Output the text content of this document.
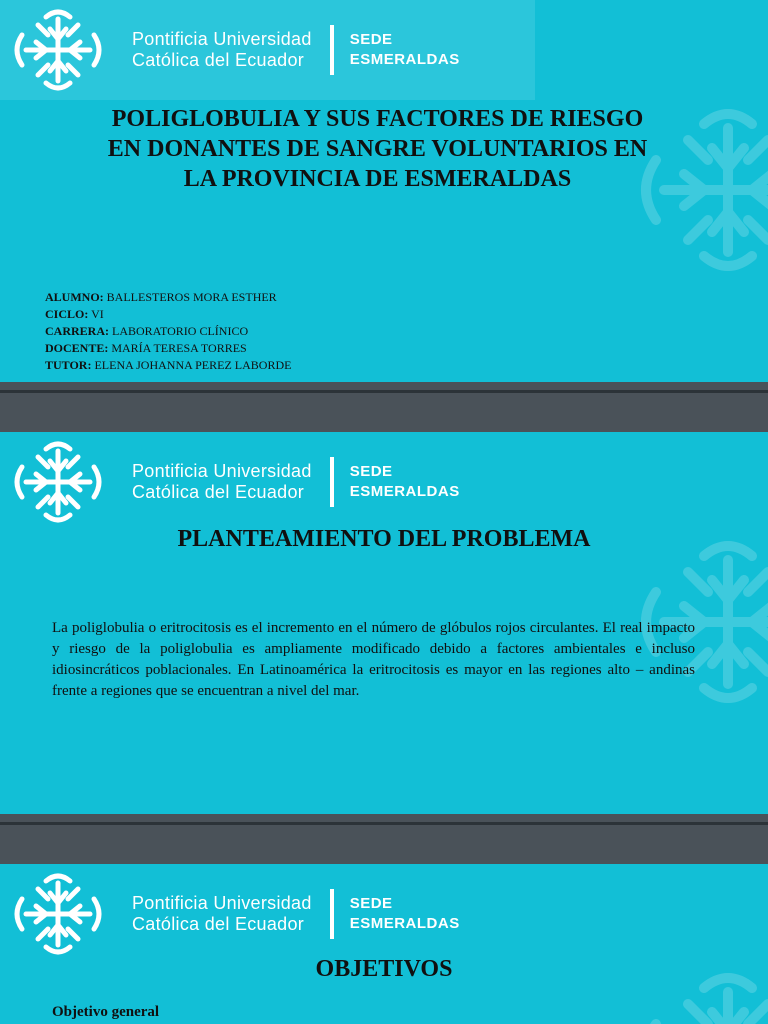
Pontificia Universidad
Católica del Ecuador
SEDE
ESMERALDAS
POLIGLOBULIA Y SUS FACTORES DE RIESGO EN DONANTES DE SANGRE VOLUNTARIOS EN LA PROVINCIA DE ESMERALDAS
ALUMNO: BALLESTEROS MORA ESTHER
CICLO: VI
CARRERA: LABORATORIO CLÍNICO
DOCENTE: MARÍA TERESA TORRES
TUTOR: ELENA JOHANNA PEREZ LABORDE
Pontificia Universidad
Católica del Ecuador
SEDE
ESMERALDAS
PLANTEAMIENTO DEL PROBLEMA
La poliglobulia o eritrocitosis es el incremento en el número de glóbulos rojos circulantes. El real impacto y riesgo de la poliglobulia es ampliamente modificado debido a factores ambientales e incluso idiosincráticos poblacionales. En Latinoamérica la eritrocitosis es mayor en las regiones alto – andinas frente a regiones que se encuentran a nivel del mar.
Pontificia Universidad
Católica del Ecuador
SEDE
ESMERALDAS
OBJETIVOS
Objetivo general
